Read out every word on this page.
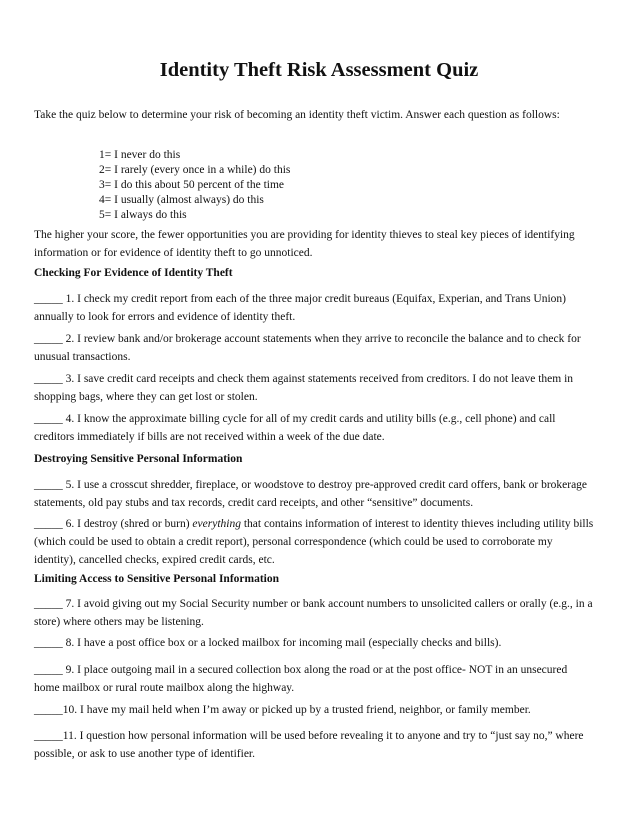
Identity Theft Risk Assessment Quiz

Take the quiz below to determine your risk of becoming an identity theft victim. Answer each question as follows:

1= I never do this
2= I rarely (every once in a while) do this
3= I do this about 50 percent of the time
4= I usually (almost always) do this
5= I always do this

The higher your score, the fewer opportunities you are providing for identity thieves to steal key pieces of identifying information or for evidence of identity theft to go unnoticed.

Checking For Evidence of Identity Theft

_____ 1. I check my credit report from each of the three major credit bureaus (Equifax, Experian, and Trans Union) annually to look for errors and evidence of identity theft.

_____ 2. I review bank and/or brokerage account statements when they arrive to reconcile the balance and to check for unusual transactions.

_____ 3. I save credit card receipts and check them against statements received from creditors. I do not leave them in shopping bags, where they can get lost or stolen.

_____ 4. I know the approximate billing cycle for all of my credit cards and utility bills (e.g., cell phone) and call creditors immediately if bills are not received within a week of the due date.

Destroying Sensitive Personal Information

_____ 5. I use a crosscut shredder, fireplace, or woodstove to destroy pre-approved credit card offers, bank or brokerage statements, old pay stubs and tax records, credit card receipts, and other “sensitive” documents.

_____ 6. I destroy (shred or burn) everything that contains information of interest to identity thieves including utility bills (which could be used to obtain a credit report), personal correspondence (which could be used to corroborate my identity), cancelled checks, expired credit cards, etc.

Limiting Access to Sensitive Personal Information

_____ 7. I avoid giving out my Social Security number or bank account numbers to unsolicited callers or orally (e.g., in a store) where others may be listening.

_____ 8. I have a post office box or a locked mailbox for incoming mail (especially checks and bills).

_____ 9. I place outgoing mail in a secured collection box along the road or at the post office- NOT in an unsecured home mailbox or rural route mailbox along the highway.

_____10. I have my mail held when I’m away or picked up by a trusted friend, neighbor, or family member.

_____11. I question how personal information will be used before revealing it to anyone and try to “just say no,” where possible, or ask to use another type of identifier.
